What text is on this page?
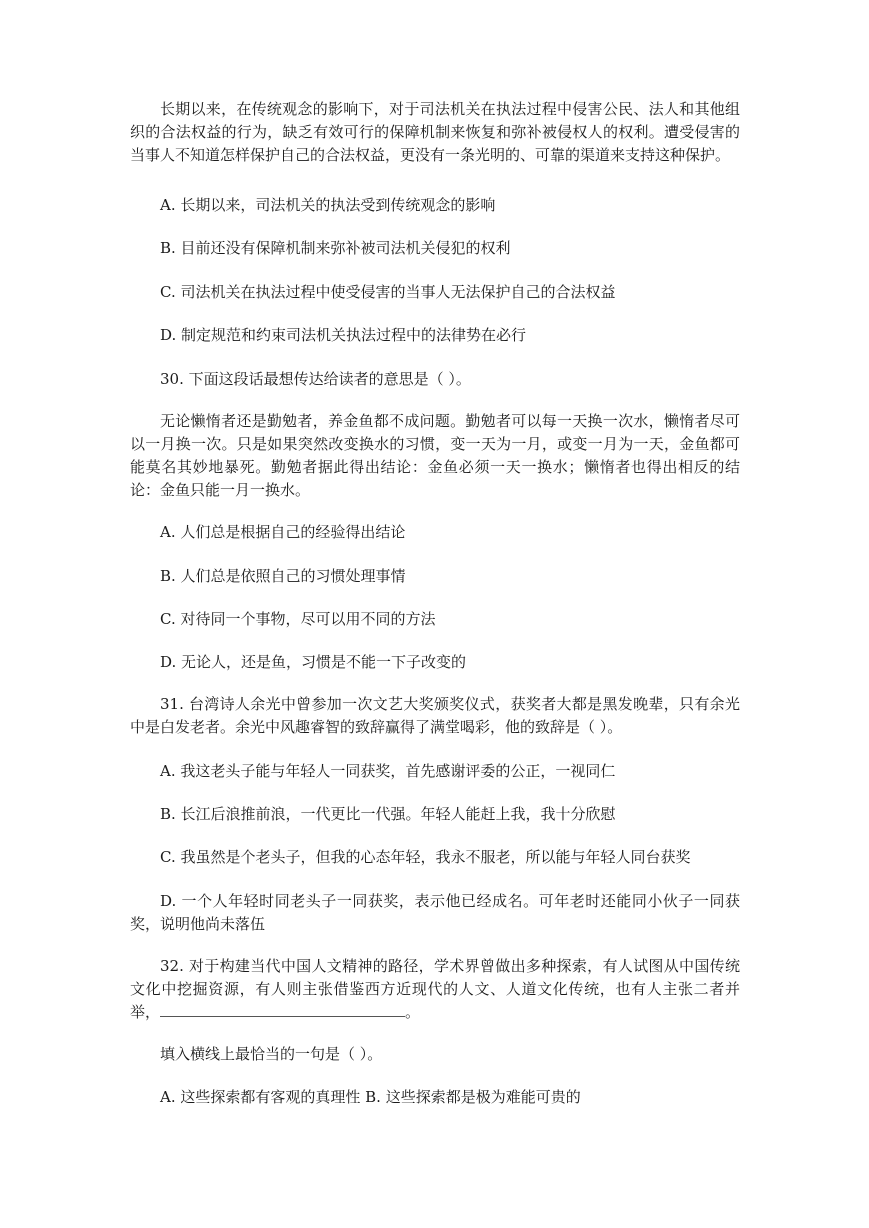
长期以来，在传统观念的影响下，对于司法机关在执法过程中侵害公民、法人和其他组织的合法权益的行为，缺乏有效可行的保障机制来恢复和弥补被侵权人的权利。遭受侵害的当事人不知道怎样保护自己的合法权益，更没有一条光明的、可靠的渠道来支持这种保护。

A. 长期以来，司法机关的执法受到传统观念的影响

B. 目前还没有保障机制来弥补被司法机关侵犯的权利

C. 司法机关在执法过程中使受侵害的当事人无法保护自己的合法权益

D. 制定规范和约束司法机关执法过程中的法律势在必行

30. 下面这段话最想传达给读者的意思是（ ）。

无论懒惰者还是勤勉者，养金鱼都不成问题。勤勉者可以每一天换一次水，懒惰者尽可以一月换一次。只是如果突然改变换水的习惯，变一天为一月，或变一月为一天，金鱼都可能莫名其妙地暴死。勤勉者据此得出结论：金鱼必须一天一换水；懒惰者也得出相反的结论：金鱼只能一月一换水。

A. 人们总是根据自己的经验得出结论

B. 人们总是依照自己的习惯处理事情

C. 对待同一个事物，尽可以用不同的方法

D. 无论人，还是鱼，习惯是不能一下子改变的

31. 台湾诗人余光中曾参加一次文艺大奖颁奖仪式，获奖者大都是黑发晚辈，只有余光中是白发老者。余光中风趣睿智的致辞赢得了满堂喝彩，他的致辞是（ ）。

A. 我这老头子能与年轻人一同获奖，首先感谢评委的公正，一视同仁

B. 长江后浪推前浪，一代更比一代强。年轻人能赶上我，我十分欣慰

C. 我虽然是个老头子，但我的心态年轻，我永不服老，所以能与年轻人同台获奖

D. 一个人年轻时同老头子一同获奖，表示他已经成名。可年老时还能同小伙子一同获奖，说明他尚未落伍

32. 对于构建当代中国人文精神的路径，学术界曾做出多种探索，有人试图从中国传统文化中挖掘资源，有人则主张借鉴西方近现代的人文、人道文化传统，也有人主张二者并举，	。

填入横线上最恰当的一句是（ ）。

A. 这些探索都有客观的真理性 B. 这些探索都是极为难能可贵的
